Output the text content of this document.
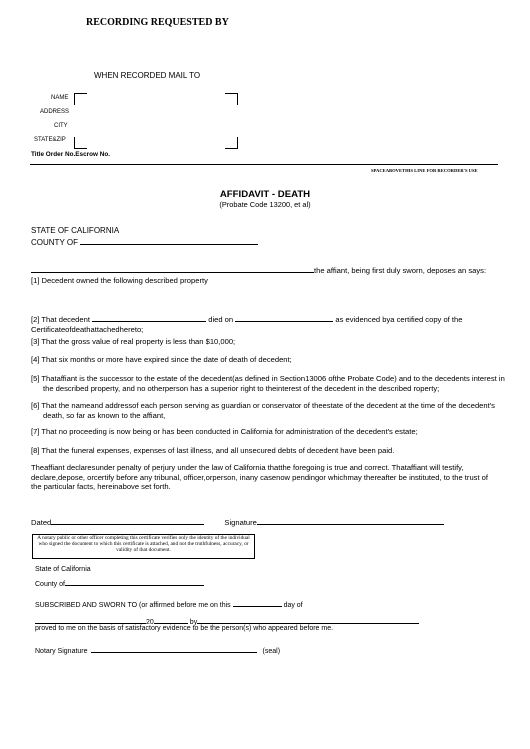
RECORDING REQUESTED BY
WHEN RECORDED MAIL TO
NAME
ADDRESS
CITY
STATE&ZIP
Title Order No.Escrow No.
SPACEABOVETHIS LINE FOR RECORDER'S USE
AFFIDAVIT - DEATH
(Probate Code 13200, et al)
STATE OF CALIFORNIA
COUNTY OF
the affiant, being first duly sworn, deposes an says:
[1] Decedent owned the following described property
[2] That decedent	died on	as evidenced bya certified copy of the
Certificateofdeathattachedhereto;
[3] That the gross value of real property is less than $10,000;
[4] That six months or more have expired since the date of death of decedent;
[5] Thataffiant is the successor to the estate of the decedent(as defined in Section13006 ofthe Probate Code) and to the decedents interest in the described property, and no otherperson has a superior right to theinterest of the decedent in the described roperty;
[6] That the nameand addressof each person serving as guardian or conservator of theestate of the decedent at the time of the decedent's death, so far as known to the affiant,
[7] That no proceeding is now being or has been conducted in California for administration of the decedent's estate;
[8] That the funeral expenses, expenses of last illness, and all unsecured debts of decedent have been paid.
Theaffiant declaresunder penalty of perjury under the law of California thatthe foregoing is true and correct. Thataffiant will testify, declare,depose, orcertify before any tribunal, officer,orperson, inany casenow pendingor whichmay thereafter be instituted, to the trust of the particular facts, hereinabove set forth.
Dated	Signature
A notary public or other officer completing this certificate verifies only the identity of the individual who signed the document to which this certificate is attached, and not the truthfulness, accuracy, or validity of that document.
State of California
County of
SUBSCRIBED AND SWORN TO (or affirmed before me on this	day of
20	by
proved to me on the basis of satisfactory evidence to be the person(s) who appeared before me.
Notary Signature	(seal)
